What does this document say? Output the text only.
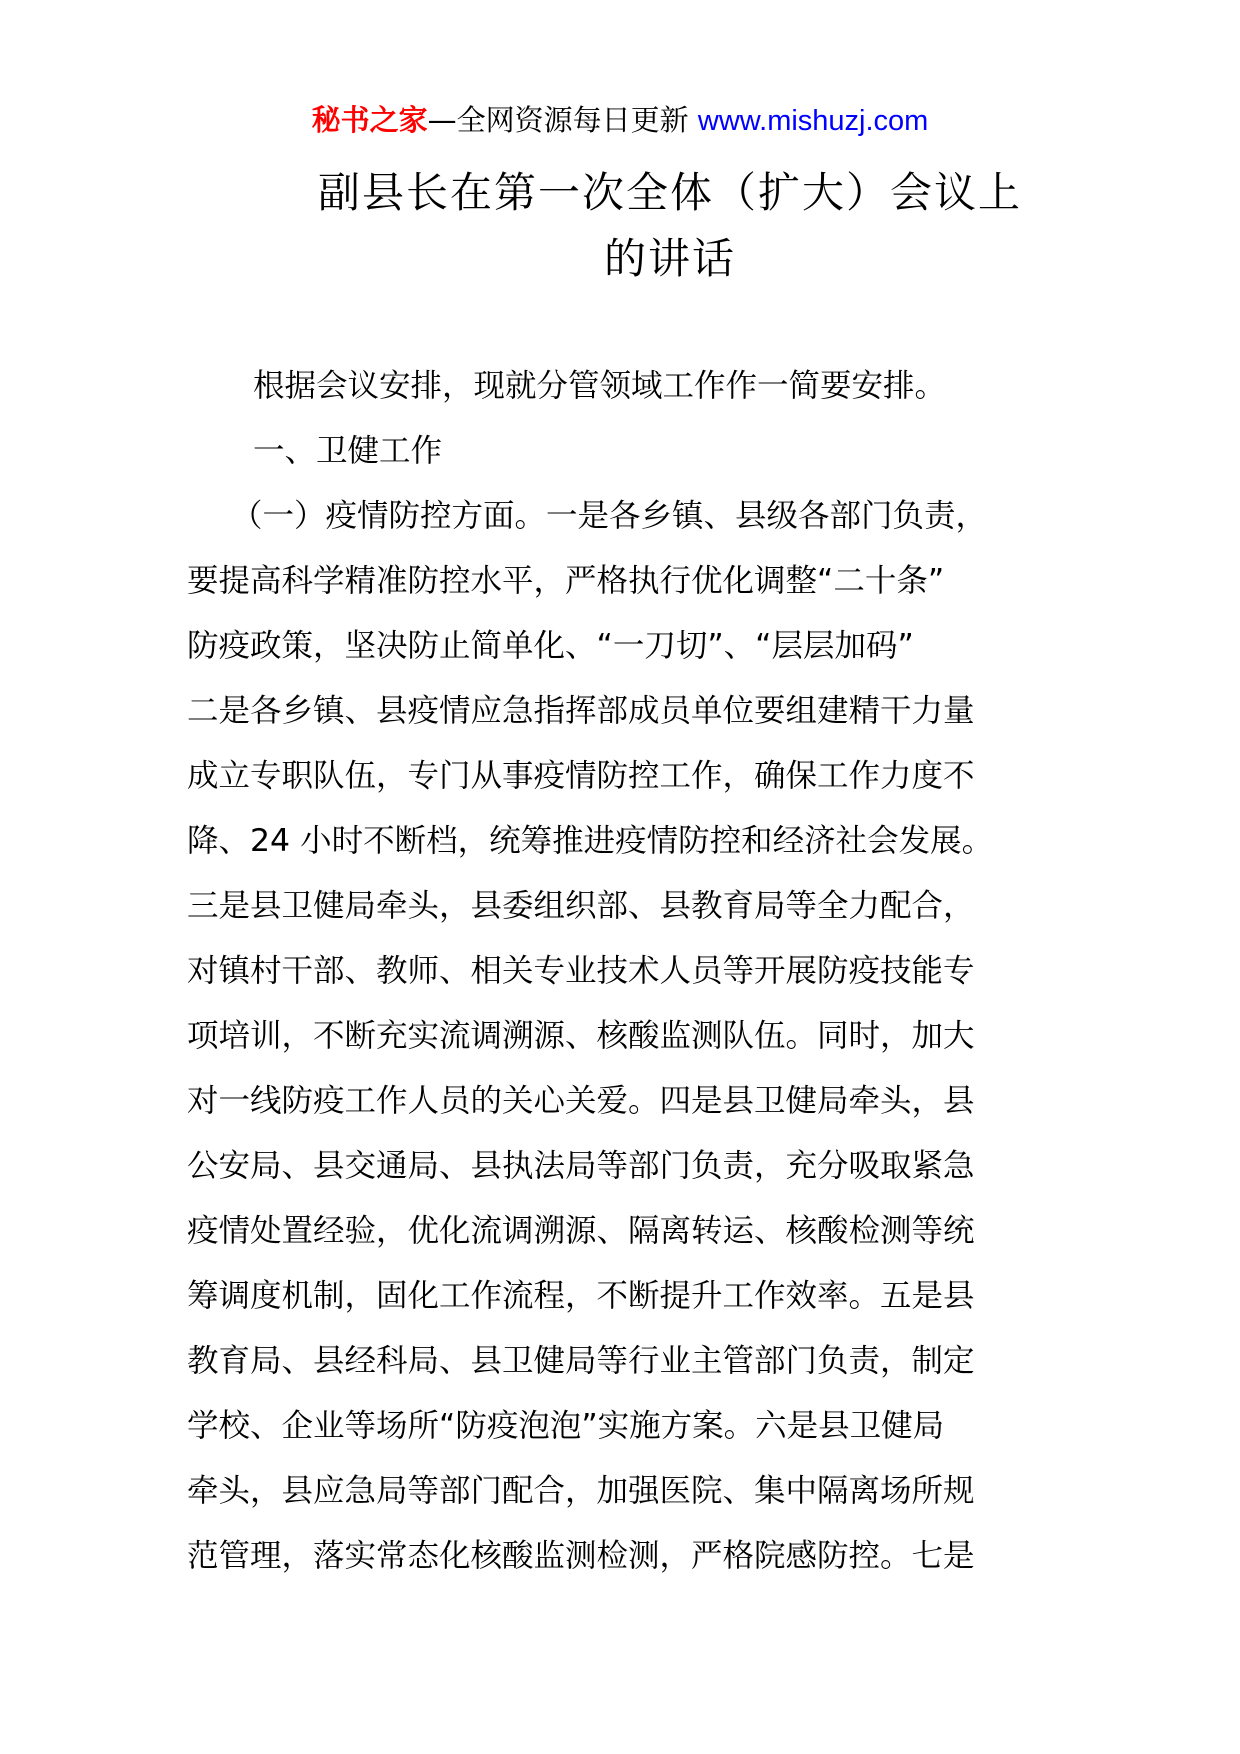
秘书之家—全网资源每日更新 www.mishuzj.com
副县长在第一次全体（扩大）会议上
的讲话
根据会议安排，现就分管领域工作作一简要安排。
一、卫健工作
（一）疫情防控方面。一是各乡镇、县级各部门负责，
要提高科学精准防控水平，严格执行优化调整“二十条”
防疫政策，坚决防止简单化、“一刀切”、“层层加码”
二是各乡镇、县疫情应急指挥部成员单位要组建精干力量
成立专职队伍，专门从事疫情防控工作，确保工作力度不
降、24 小时不断档，统筹推进疫情防控和经济社会发展。
三是县卫健局牵头，县委组织部、县教育局等全力配合，
对镇村干部、教师、相关专业技术人员等开展防疫技能专
项培训，不断充实流调溯源、核酸监测队伍。同时，加大
对一线防疫工作人员的关心关爱。四是县卫健局牵头，县
公安局、县交通局、县执法局等部门负责，充分吸取紧急
疫情处置经验，优化流调溯源、隔离转运、核酸检测等统
筹调度机制，固化工作流程，不断提升工作效率。五是县
教育局、县经科局、县卫健局等行业主管部门负责，制定
学校、企业等场所“防疫泡泡”实施方案。六是县卫健局
牵头，县应急局等部门配合，加强医院、集中隔离场所规
范管理，落实常态化核酸监测检测，严格院感防控。七是
